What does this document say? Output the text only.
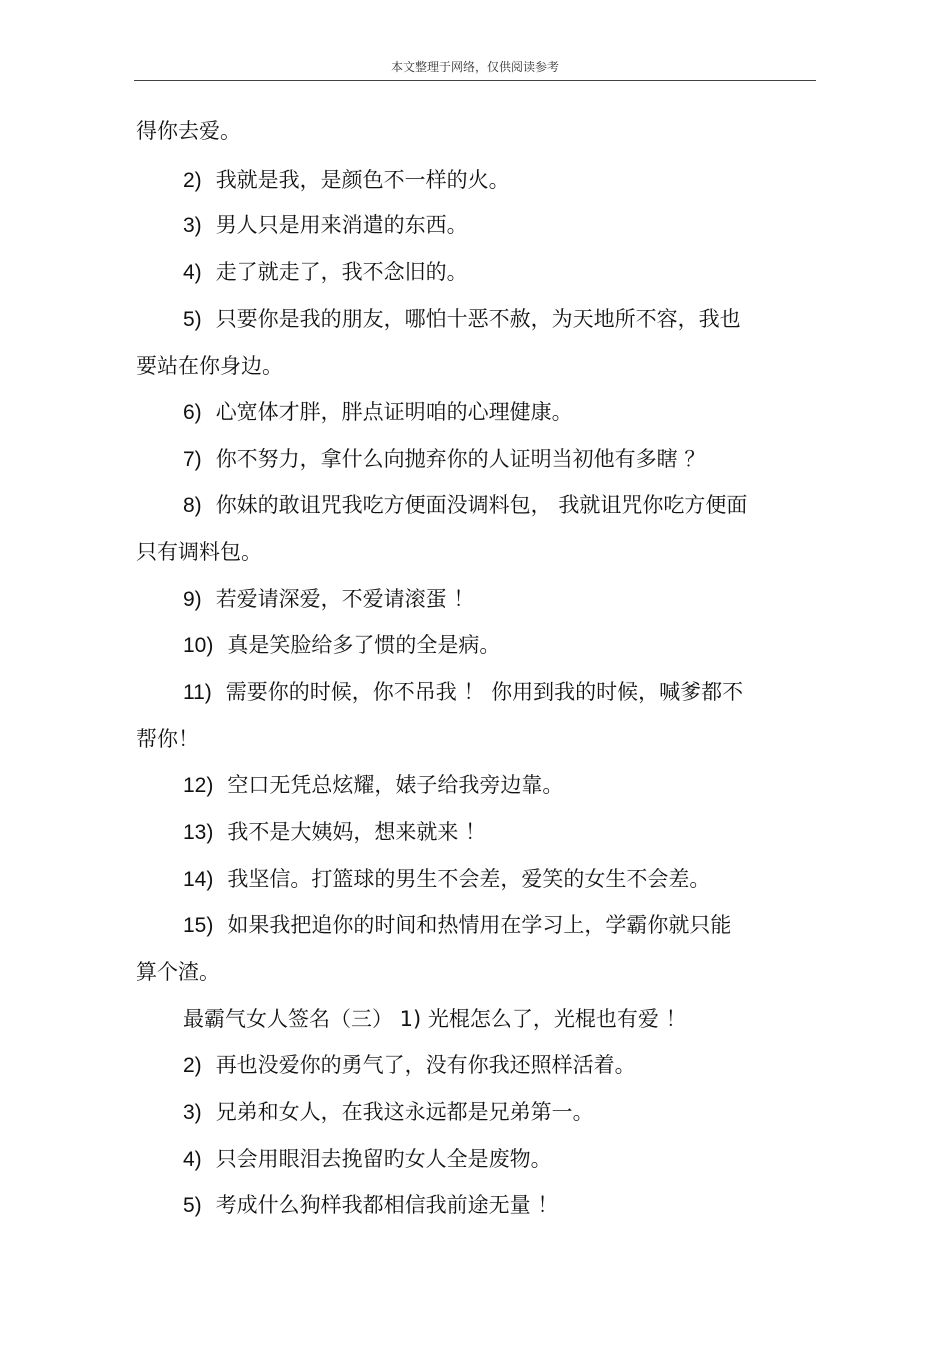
本文整理于网络，仅供阅读参考
得你去爱。
2) 我就是我，是颜色不一样的火。
3) 男人只是用来消遣的东西。
4) 走了就走了，我不念旧的。
5) 只要你是我的朋友，哪怕十恶不赦，为天地所不容，我也
要站在你身边。
6) 心宽体才胖，胖点证明咱的心理健康。
7) 你不努力，拿什么向抛弃你的人证明当初他有多瞎 ？
8) 你妹的敢诅咒我吃方便面没调料包， 我就诅咒你吃方便面
只有调料包。
9) 若爱请深爱，不爱请滚蛋 ！
10) 真是笑脸给多了惯的全是病。
11) 需要你的时候，你不吊我 ！ 你用到我的时候，喊爹都不
帮你！
12) 空口无凭总炫耀，婊子给我旁边靠。
13) 我不是大姨妈，想来就来 ！
14) 我坚信。打篮球的男生不会差，爱笑的女生不会差。
15) 如果我把追你的时间和热情用在学习上，学霸你就只能
算个渣。
最霸气女人签名（三） 1) 光棍怎么了，光棍也有爱 ！
2) 再也没爱你的勇气了，没有你我还照样活着。
3) 兄弟和女人，在我这永远都是兄弟第一。
4) 只会用眼泪去挽留旳女人全是废物。
5) 考成什么狗样我都相信我前途无量 ！
